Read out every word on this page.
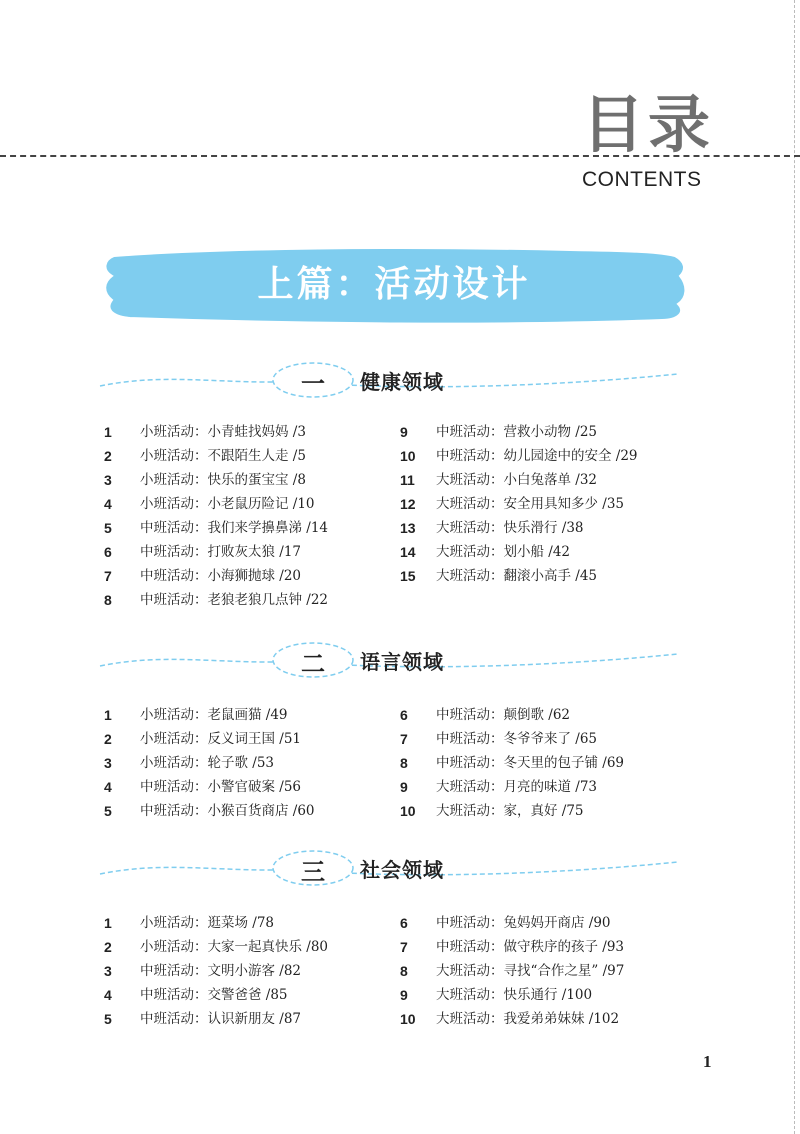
目录
CONTENTS
上篇：活动设计
一	健康领域
1	小班活动：小青蛙找妈妈 /3
2	小班活动：不跟陌生人走 /5
3	小班活动：快乐的蛋宝宝 /8
4	小班活动：小老鼠历险记 /10
5	中班活动：我们来学擤鼻涕 /14
6	中班活动：打败灰太狼 /17
7	中班活动：小海狮抛球 /20
8	中班活动：老狼老狼几点钟 /22
9	中班活动：营救小动物 /25
10	中班活动：幼儿园途中的安全 /29
11	大班活动：小白兔落单 /32
12	大班活动：安全用具知多少 /35
13	大班活动：快乐滑行 /38
14	大班活动：划小船 /42
15	大班活动：翻滚小高手 /45
二	语言领域
1	小班活动：老鼠画猫 /49
2	小班活动：反义词王国 /51
3	小班活动：轮子歌 /53
4	中班活动：小警官破案 /56
5	中班活动：小猴百货商店 /60
6	中班活动：颠倒歌 /62
7	中班活动：冬爷爷来了 /65
8	中班活动：冬天里的包子铺 /69
9	大班活动：月亮的味道 /73
10	大班活动：家，真好 /75
三	社会领域
1	小班活动：逛菜场 /78
2	小班活动：大家一起真快乐 /80
3	中班活动：文明小游客 /82
4	中班活动：交警爸爸 /85
5	中班活动：认识新朋友 /87
6	中班活动：兔妈妈开商店 /90
7	中班活动：做守秩序的孩子 /93
8	大班活动：寻找“合作之星” /97
9	大班活动：快乐通行 /100
10	大班活动：我爱弟弟妹妹 /102
1
